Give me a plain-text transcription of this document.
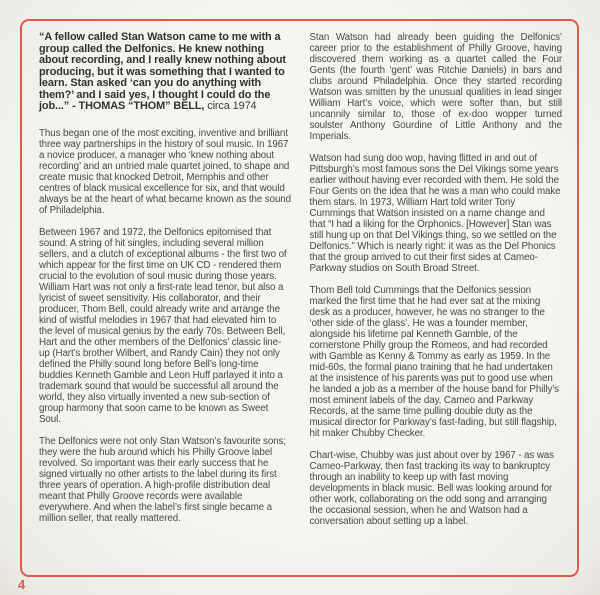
“A fellow called Stan Watson came to me with a group called the Delfonics. He knew nothing about recording, and I really knew nothing about producing, but it was something that I wanted to learn. Stan asked ‘can you do anything with them?’ and I said yes, I thought I could do the job...” - THOMAS “THOM” BELL, circa 1974

Thus began one of the most exciting, inventive and brilliant three way partnerships in the history of soul music. In 1967 a novice producer, a manager who ‘knew nothing about recording’ and an untried male quartet joined, to shape and create music that knocked Detroit, Memphis and other centres of black musical excellence for six, and that would always be at the heart of what became known as the sound of Philadelphia.

Between 1967 and 1972, the Delfonics epitomised that sound. A string of hit singles, including several million sellers, and a clutch of exceptional albums - the first two of which appear for the first time on UK CD - rendered them crucial to the evolution of soul music during those years. William Hart was not only a first-rate lead tenor, but also a lyricist of sweet sensitivity. His collaborator, and their producer, Thom Bell, could already write and arrange the kind of wistful melodies in 1967 that had elevated him to the level of musical genius by the early 70s. Between Bell, Hart and the other members of the Delfonics’ classic line-up (Hart’s brother Wilbert, and Randy Cain) they not only defined the Philly sound long before Bell’s long-time buddies Kenneth Gamble and Leon Huff parlayed it into a trademark sound that would be successful all around the world, they also virtually invented a new sub-section of group harmony that soon came to be known as Sweet Soul.

The Delfonics were not only Stan Watson’s favourite sons; they were the hub around which his Philly Groove label revolved. So important was their early success that he signed virtually no other artists to the label during its first three years of operation. A high-profile distribution deal meant that Philly Groove records were available everywhere. And when the label’s first single became a million seller, that really mattered.

Stan Watson had already been guiding the Delfonics’ career prior to the establishment of Philly Groove, having discovered them working as a quartet called the Four Gents (the fourth ‘gent’ was Ritchie Daniels) in bars and clubs around Philadelphia. Once they started recording Watson was smitten by the unusual qualities in lead singer William Hart’s voice, which were softer than, but still uncannily similar to, those of ex-doo wopper turned soulster Anthony Gourdine of Little Anthony and the Imperials.

Watson had sung doo wop, having flitted in and out of Pittsburgh’s most famous sons the Del Vikings some years earlier without having ever recorded with them. He sold the Four Gents on the idea that he was a man who could make them stars. In 1973, William Hart told writer Tony Cummings that Watson insisted on a name change and that “I had a liking for the Orphonics. [However] Stan was still hung up on that Del Vikings thing, so we settled on the Delfonics.” Which is nearly right: it was as the Del Phonics that the group arrived to cut their first sides at Cameo-Parkway studios on South Broad Street.

Thom Bell told Cummings that the Delfonics session marked the first time that he had ever sat at the mixing desk as a producer, however, he was no stranger to the ‘other side of the glass’. He was a founder member, alongside his lifetime pal Kenneth Gamble, of the cornerstone Philly group the Romeos, and had recorded with Gamble as Kenny & Tommy as early as 1959. In the mid-60s, the formal piano training that he had undertaken at the insistence of his parents was put to good use when he landed a job as a member of the house band for Philly’s most eminent labels of the day, Cameo and Parkway Records, at the same time pulling double duty as the musical director for Parkway’s fast-fading, but still flagship, hit maker Chubby Checker.

Chart-wise, Chubby was just about over by 1967 - as was Cameo-Parkway, then fast tracking its way to bankruptcy through an inability to keep up with fast moving developments in black music. Bell was looking around for other work, collaborating on the odd song and arranging the occasional session, when he and Watson had a conversation about setting up a label.

4
